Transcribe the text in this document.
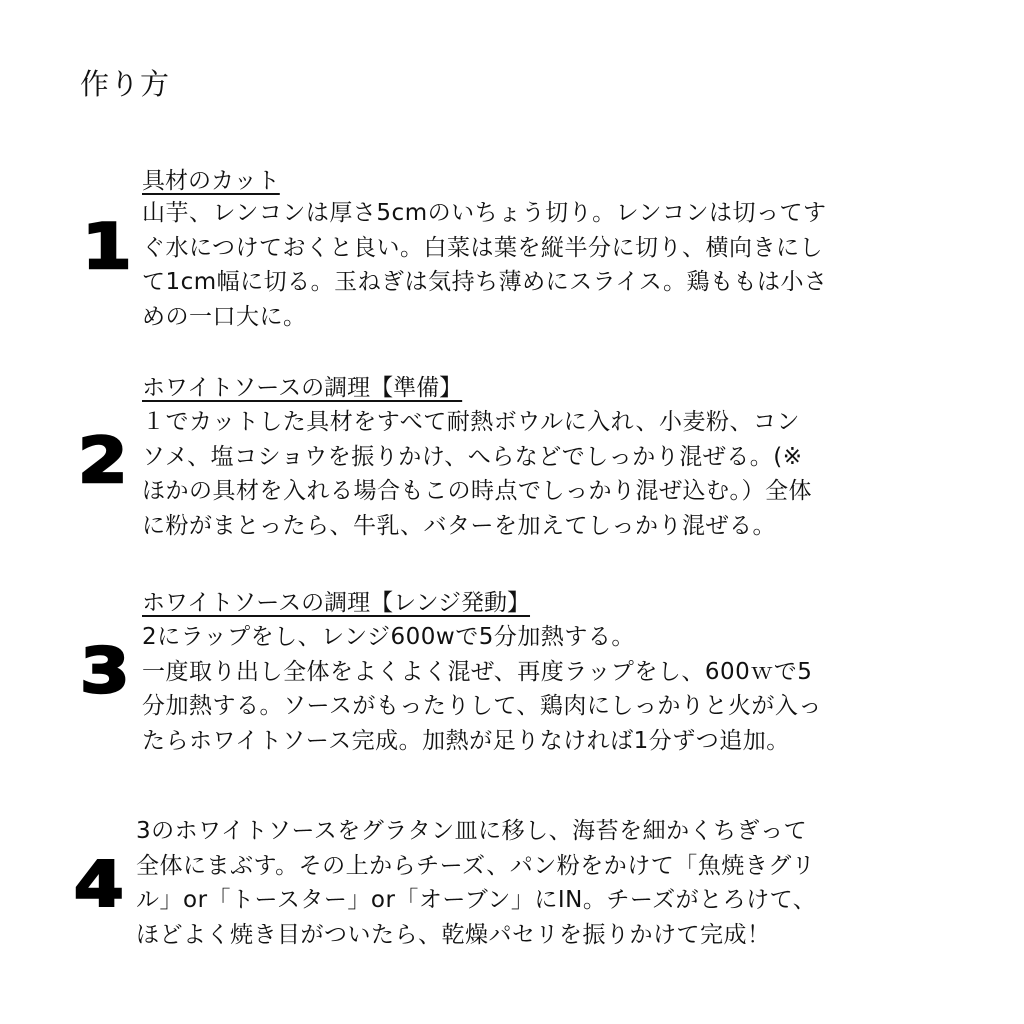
作り方
1
具材のカット
山芋、レンコンは厚さ5cmのいちょう切り。レンコンは切ってす
ぐ水につけておくと良い。白菜は葉を縦半分に切り、横向きにし
て1cm幅に切る。玉ねぎは気持ち薄めにスライス。鶏ももは小さ
めの一口大に。
2
ホワイトソースの調理【準備】
１でカットした具材をすべて耐熱ボウルに入れ、小麦粉、コン
ソメ、塩コショウを振りかけ、へらなどでしっかり混ぜる。(※
ほかの具材を入れる場合もこの時点でしっかり混ぜ込む。）全体
に粉がまとったら、牛乳、バターを加えてしっかり混ぜる。
3
ホワイトソースの調理【レンジ発動】
2にラップをし、レンジ600wで5分加熱する。
一度取り出し全体をよくよく混ぜ、再度ラップをし、600ｗで5
分加熱する。ソースがもったりして、鶏肉にしっかりと火が入っ
たらホワイトソース完成。加熱が足りなければ1分ずつ追加。
4
3のホワイトソースをグラタン皿に移し、海苔を細かくちぎって
全体にまぶす。その上からチーズ、パン粉をかけて「魚焼きグリ
ル」or「トースター」or「オーブン」にIN。チーズがとろけて、
ほどよく焼き目がついたら、乾燥パセリを振りかけて完成！
